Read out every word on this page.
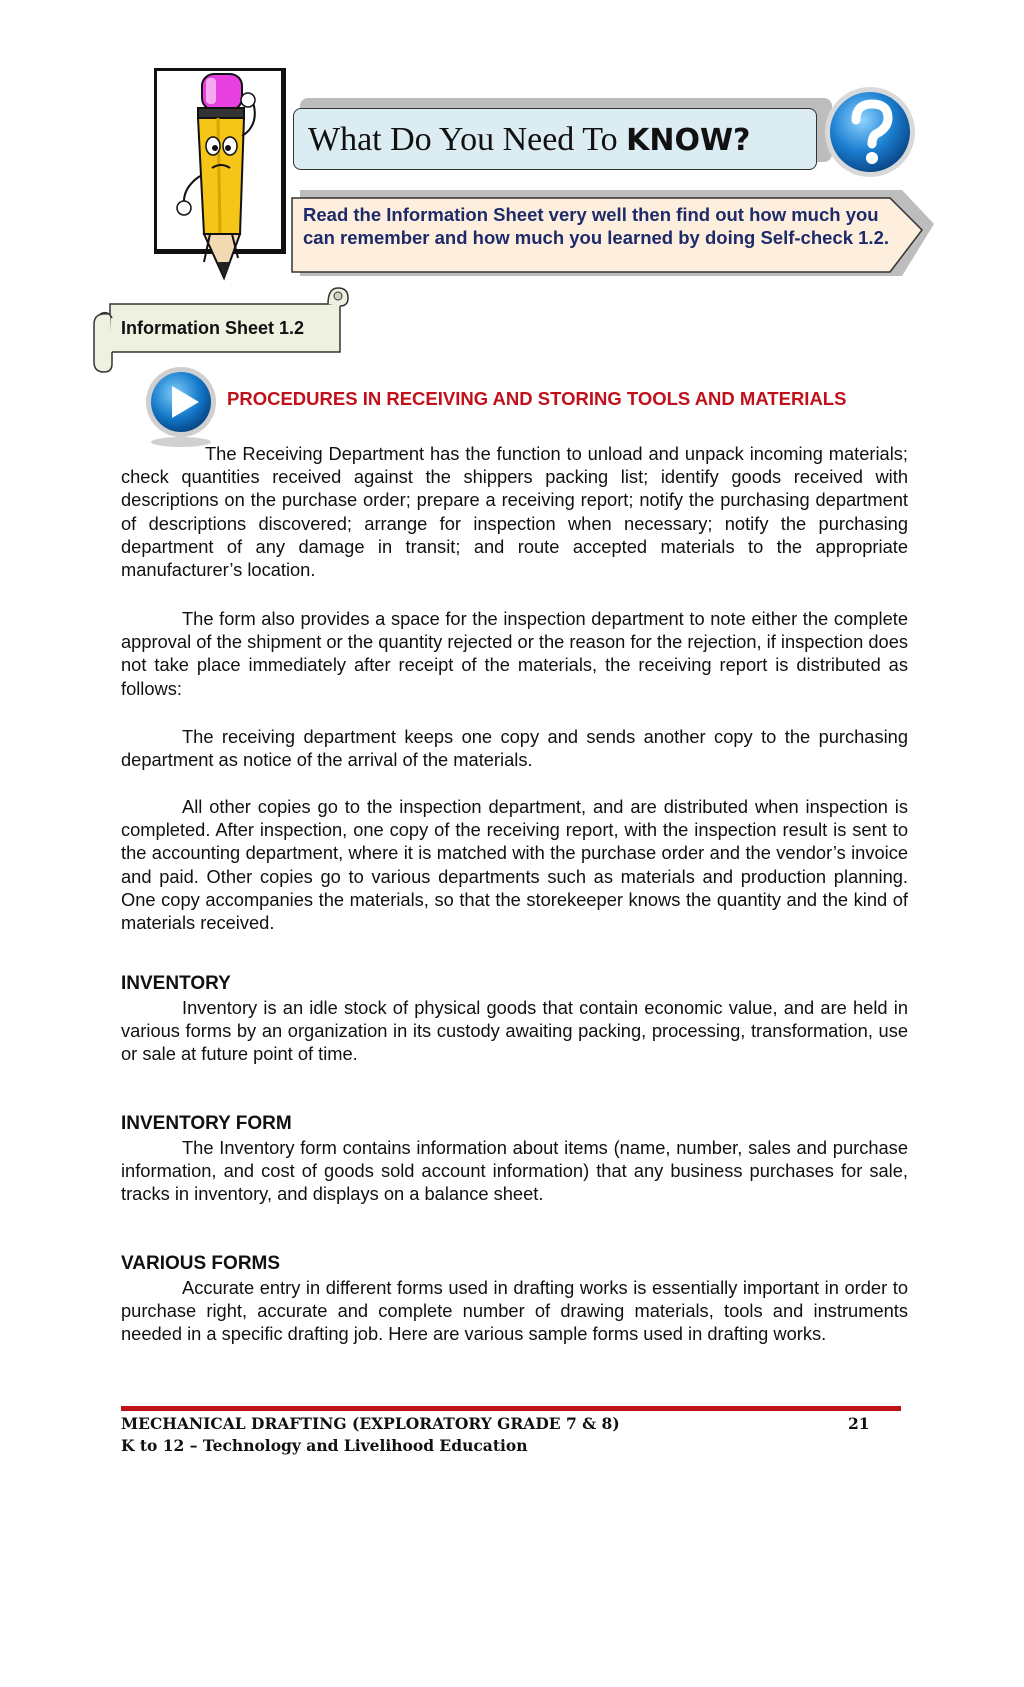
What Do You Need To KNOW?
Read the Information Sheet very well then find out how much you can remember and how much you learned by doing Self-check 1.2.
Information Sheet 1.2
PROCEDURES IN RECEIVING AND STORING TOOLS AND MATERIALS
The Receiving Department has the function to unload and unpack incoming materials; check quantities received against the shippers packing list; identify goods received with descriptions on the purchase order; prepare a receiving report; notify the purchasing department of descriptions discovered; arrange for inspection when necessary; notify the purchasing department of any damage in transit; and route accepted materials to the appropriate manufacturer’s location.
The form also provides a space for the inspection department to note either the complete approval of the shipment or the quantity rejected or the reason for the rejection, if inspection does not take place immediately after receipt of the materials, the receiving report is distributed as follows:
The receiving department keeps one copy and sends another copy to the purchasing department as notice of the arrival of the materials.
All other copies go to the inspection department, and are distributed when inspection is completed. After inspection, one copy of the receiving report, with the inspection result is sent to the accounting department, where it is matched with the purchase order and the vendor’s invoice and paid. Other copies go to various departments such as materials and production planning. One copy accompanies the materials, so that the storekeeper knows the quantity and the kind of materials received.
INVENTORY
Inventory is an idle stock of physical goods that contain economic value, and are held in various forms by an organization in its custody awaiting packing, processing, transformation, use or sale at future point of time.
INVENTORY FORM
The Inventory form contains information about items (name, number, sales and purchase information, and cost of goods sold account information) that any business purchases for sale, tracks in inventory, and displays on a balance sheet.
VARIOUS FORMS
Accurate entry in different forms used in drafting works is essentially important in order to purchase right, accurate and complete number of drawing materials, tools and instruments needed in a specific drafting job. Here are various sample forms used in drafting works.
MECHANICAL DRAFTING (EXPLORATORY GRADE 7 & 8)
K to 12 – Technology and Livelihood Education
21
